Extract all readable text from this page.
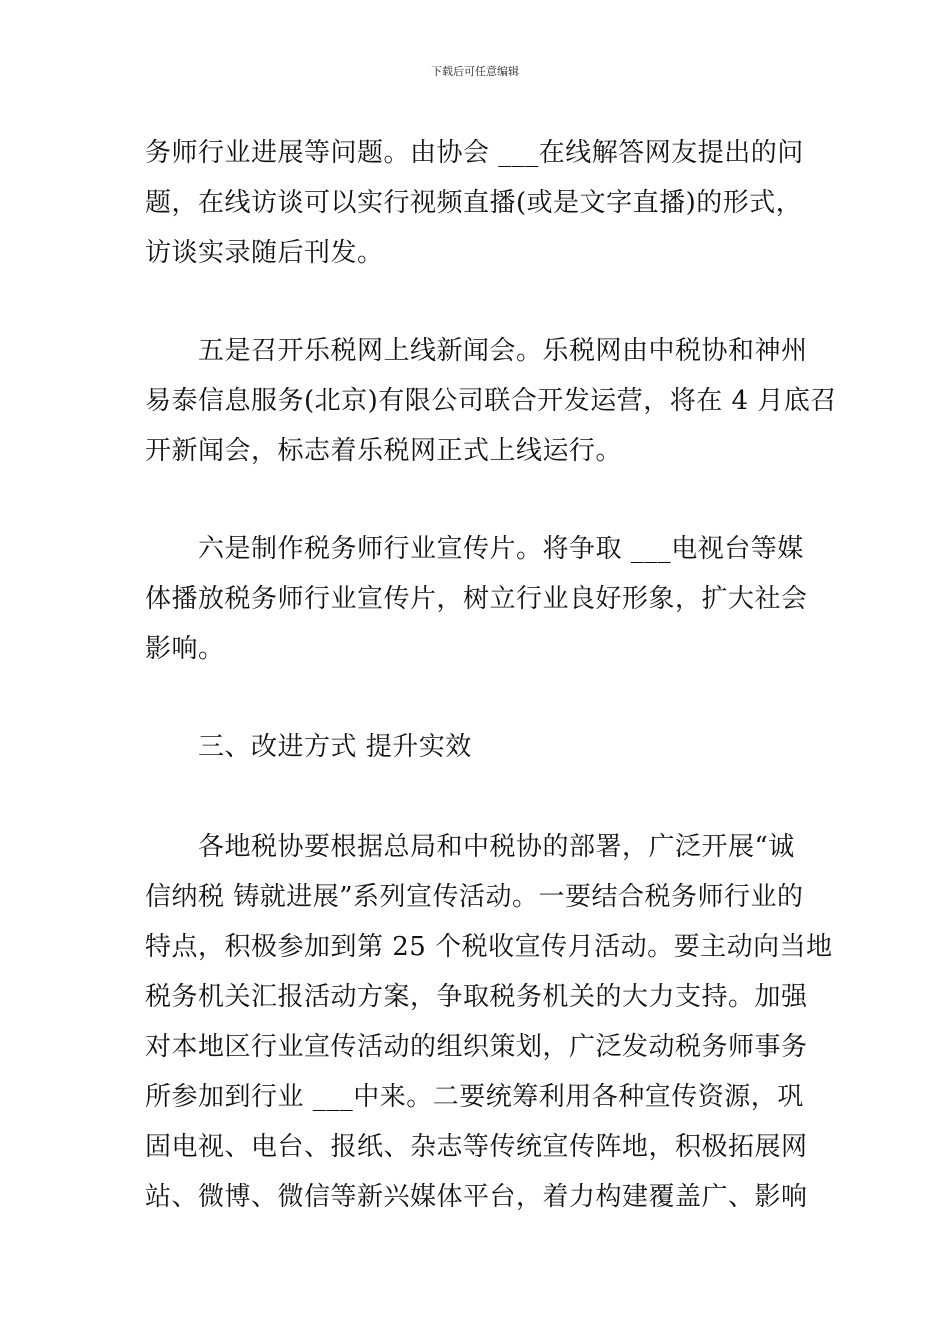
下载后可任意编辑
务师行业进展等问题。由协会 ___在线解答网友提出的问
题，在线访谈可以实行视频直播(或是文字直播)的形式，
访谈实录随后刊发。
　　五是召开乐税网上线新闻会。乐税网由中税协和神州
易泰信息服务(北京)有限公司联合开发运营，将在 4 月底召
开新闻会，标志着乐税网正式上线运行。
　　六是制作税务师行业宣传片。将争取 ___电视台等媒
体播放税务师行业宣传片，树立行业良好形象，扩大社会
影响。
　　三、改进方式 提升实效
　　各地税协要根据总局和中税协的部署，广泛开展“诚
信纳税 铸就进展”系列宣传活动。一要结合税务师行业的
特点，积极参加到第 25 个税收宣传月活动。要主动向当地
税务机关汇报活动方案，争取税务机关的大力支持。加强
对本地区行业宣传活动的组织策划，广泛发动税务师事务
所参加到行业 ___中来。二要统筹利用各种宣传资源，巩
固电视、电台、报纸、杂志等传统宣传阵地，积极拓展网
站、微博、微信等新兴媒体平台，着力构建覆盖广、影响
